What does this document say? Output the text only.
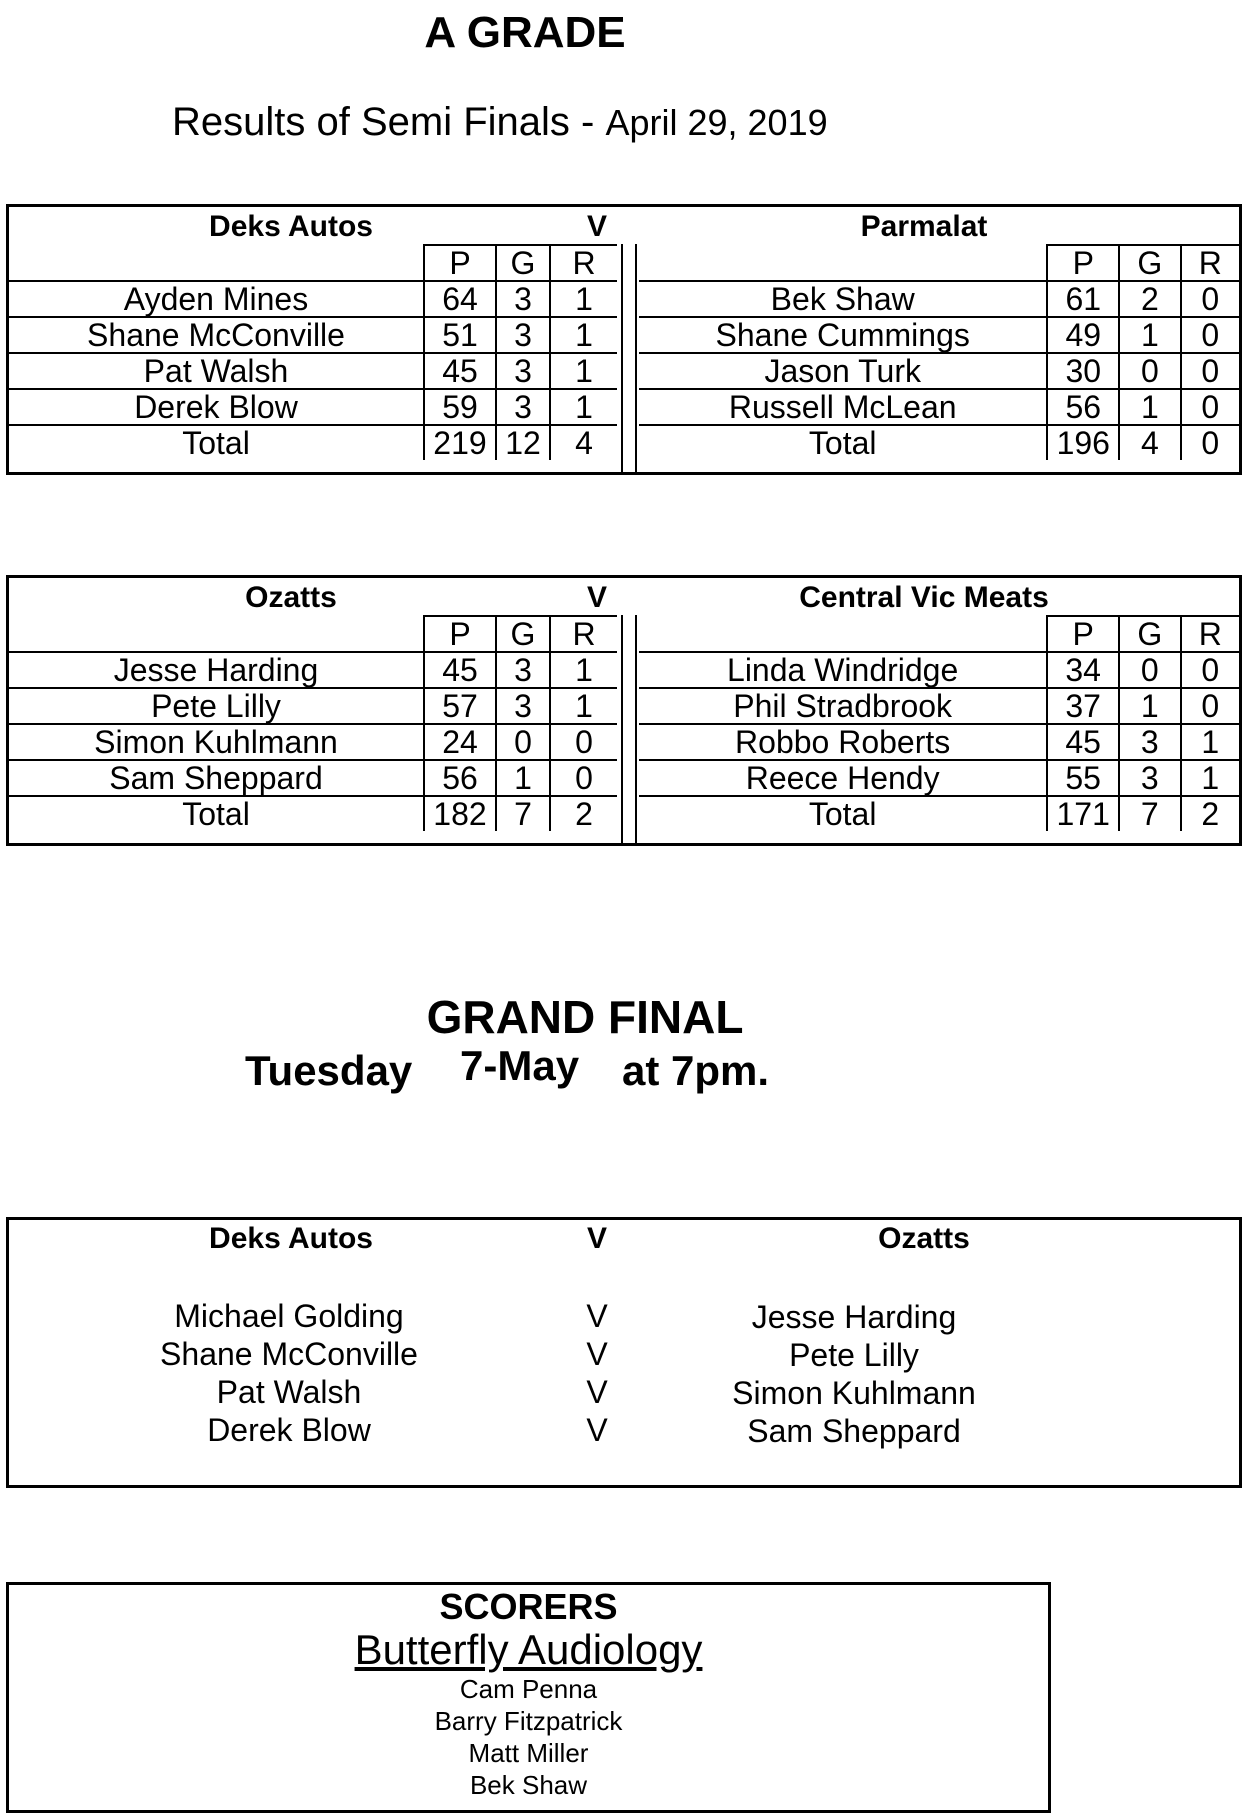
A GRADE
Results of Semi Finals - April 29, 2019
Deks Autos	V	Parmalat
	P	G	R
Ayden Mines	64	3	1
Shane McConville	51	3	1
Pat Walsh	45	3	1
Derek Blow	59	3	1
Total	219	12	4
	P	G	R
Bek Shaw	61	2	0
Shane Cummings	49	1	0
Jason Turk	30	0	0
Russell McLean	56	1	0
Total	196	4	0
Ozatts	V	Central Vic Meats
	P	G	R
Jesse Harding	45	3	1
Pete Lilly	57	3	1
Simon Kuhlmann	24	0	0
Sam Sheppard	56	1	0
Total	182	7	2
	P	G	R
Linda Windridge	34	0	0
Phil Stradbrook	37	1	0
Robbo Roberts	45	3	1
Reece Hendy	55	3	1
Total	171	7	2
GRAND FINAL
Tuesday 7-May at 7pm.
Deks Autos	V	Ozatts
Michael Golding	V	Jesse Harding
Shane McConville	V	Pete Lilly
Pat Walsh	V	Simon Kuhlmann
Derek Blow	V	Sam Sheppard
SCORERS
Butterfly Audiology
Cam Penna
Barry Fitzpatrick
Matt Miller
Bek Shaw
